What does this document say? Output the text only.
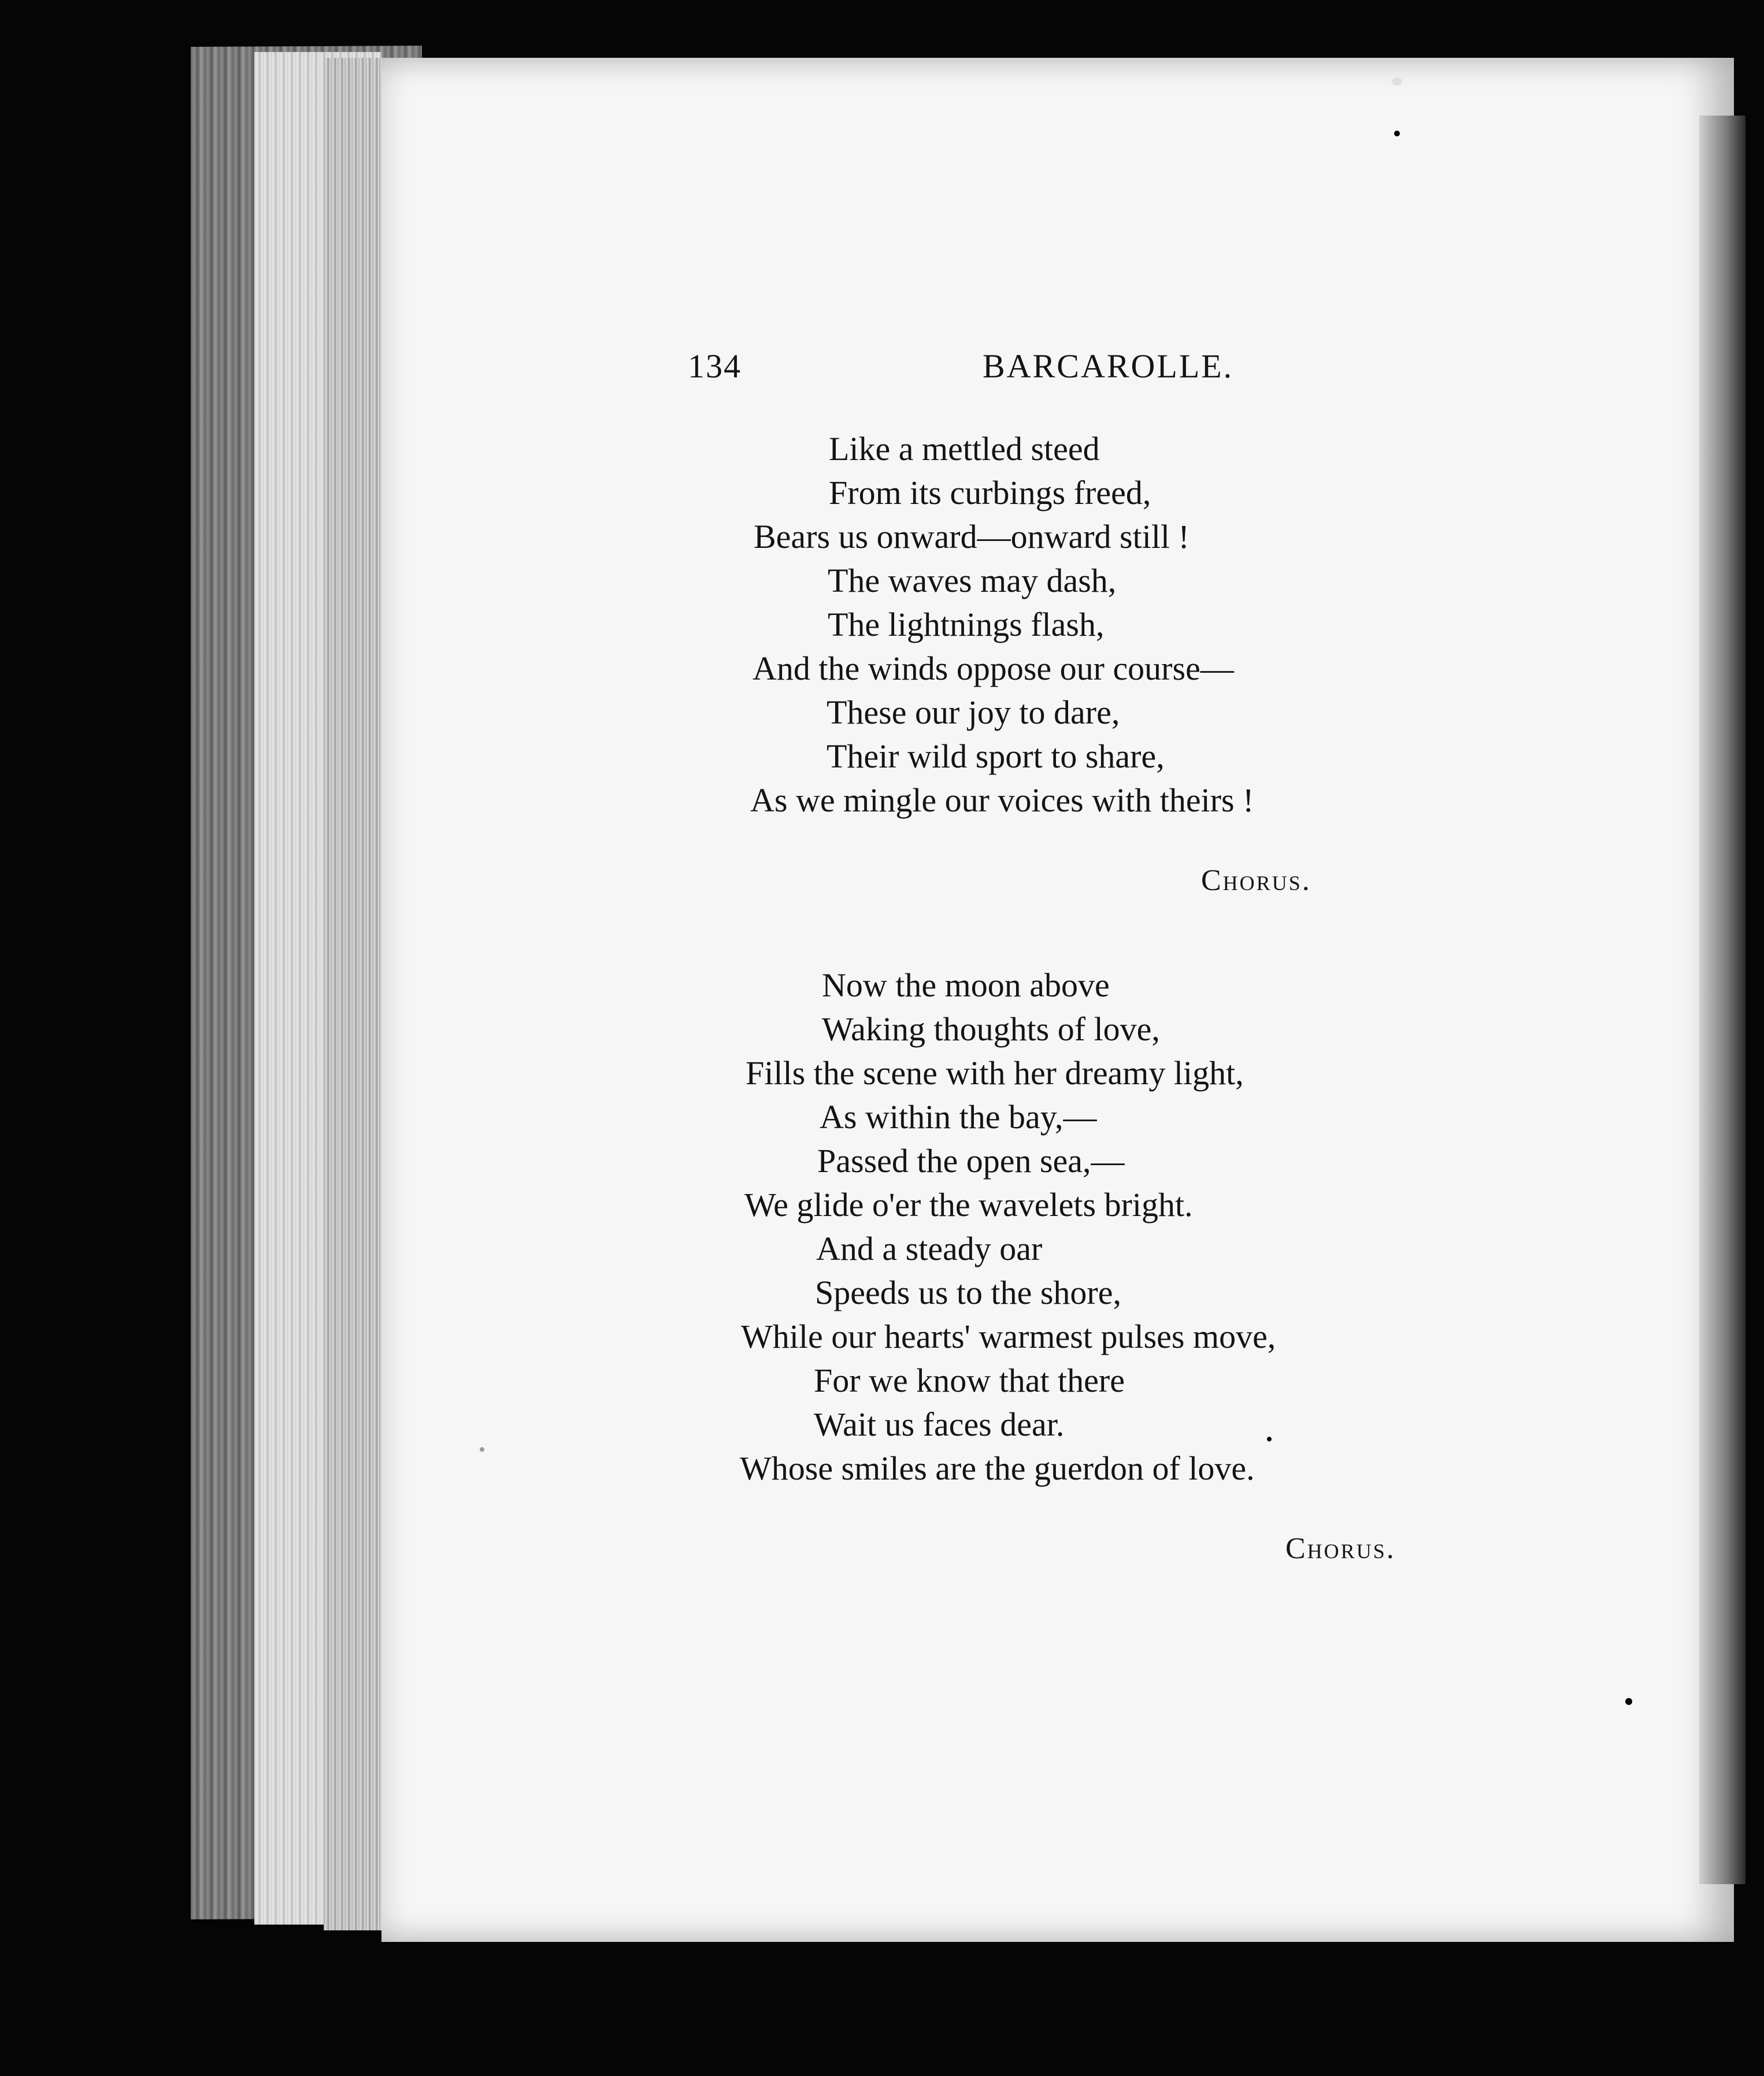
134	BARCAROLLE.
Like a mettled steed
From its curbings freed,
Bears us onward—onward still !
The waves may dash,
The lightnings flash,
And the winds oppose our course—
These our joy to dare,
Their wild sport to share,
As we mingle our voices with theirs !
Chorus.
Now the moon above
Waking thoughts of love,
Fills the scene with her dreamy light,
As within the bay,—
Passed the open sea,—
We glide o'er the wavelets bright.
And a steady oar
Speeds us to the shore,
While our hearts' warmest pulses move,
For we know that there
Wait us faces dear.
Whose smiles are the guerdon of love.
Chorus.
